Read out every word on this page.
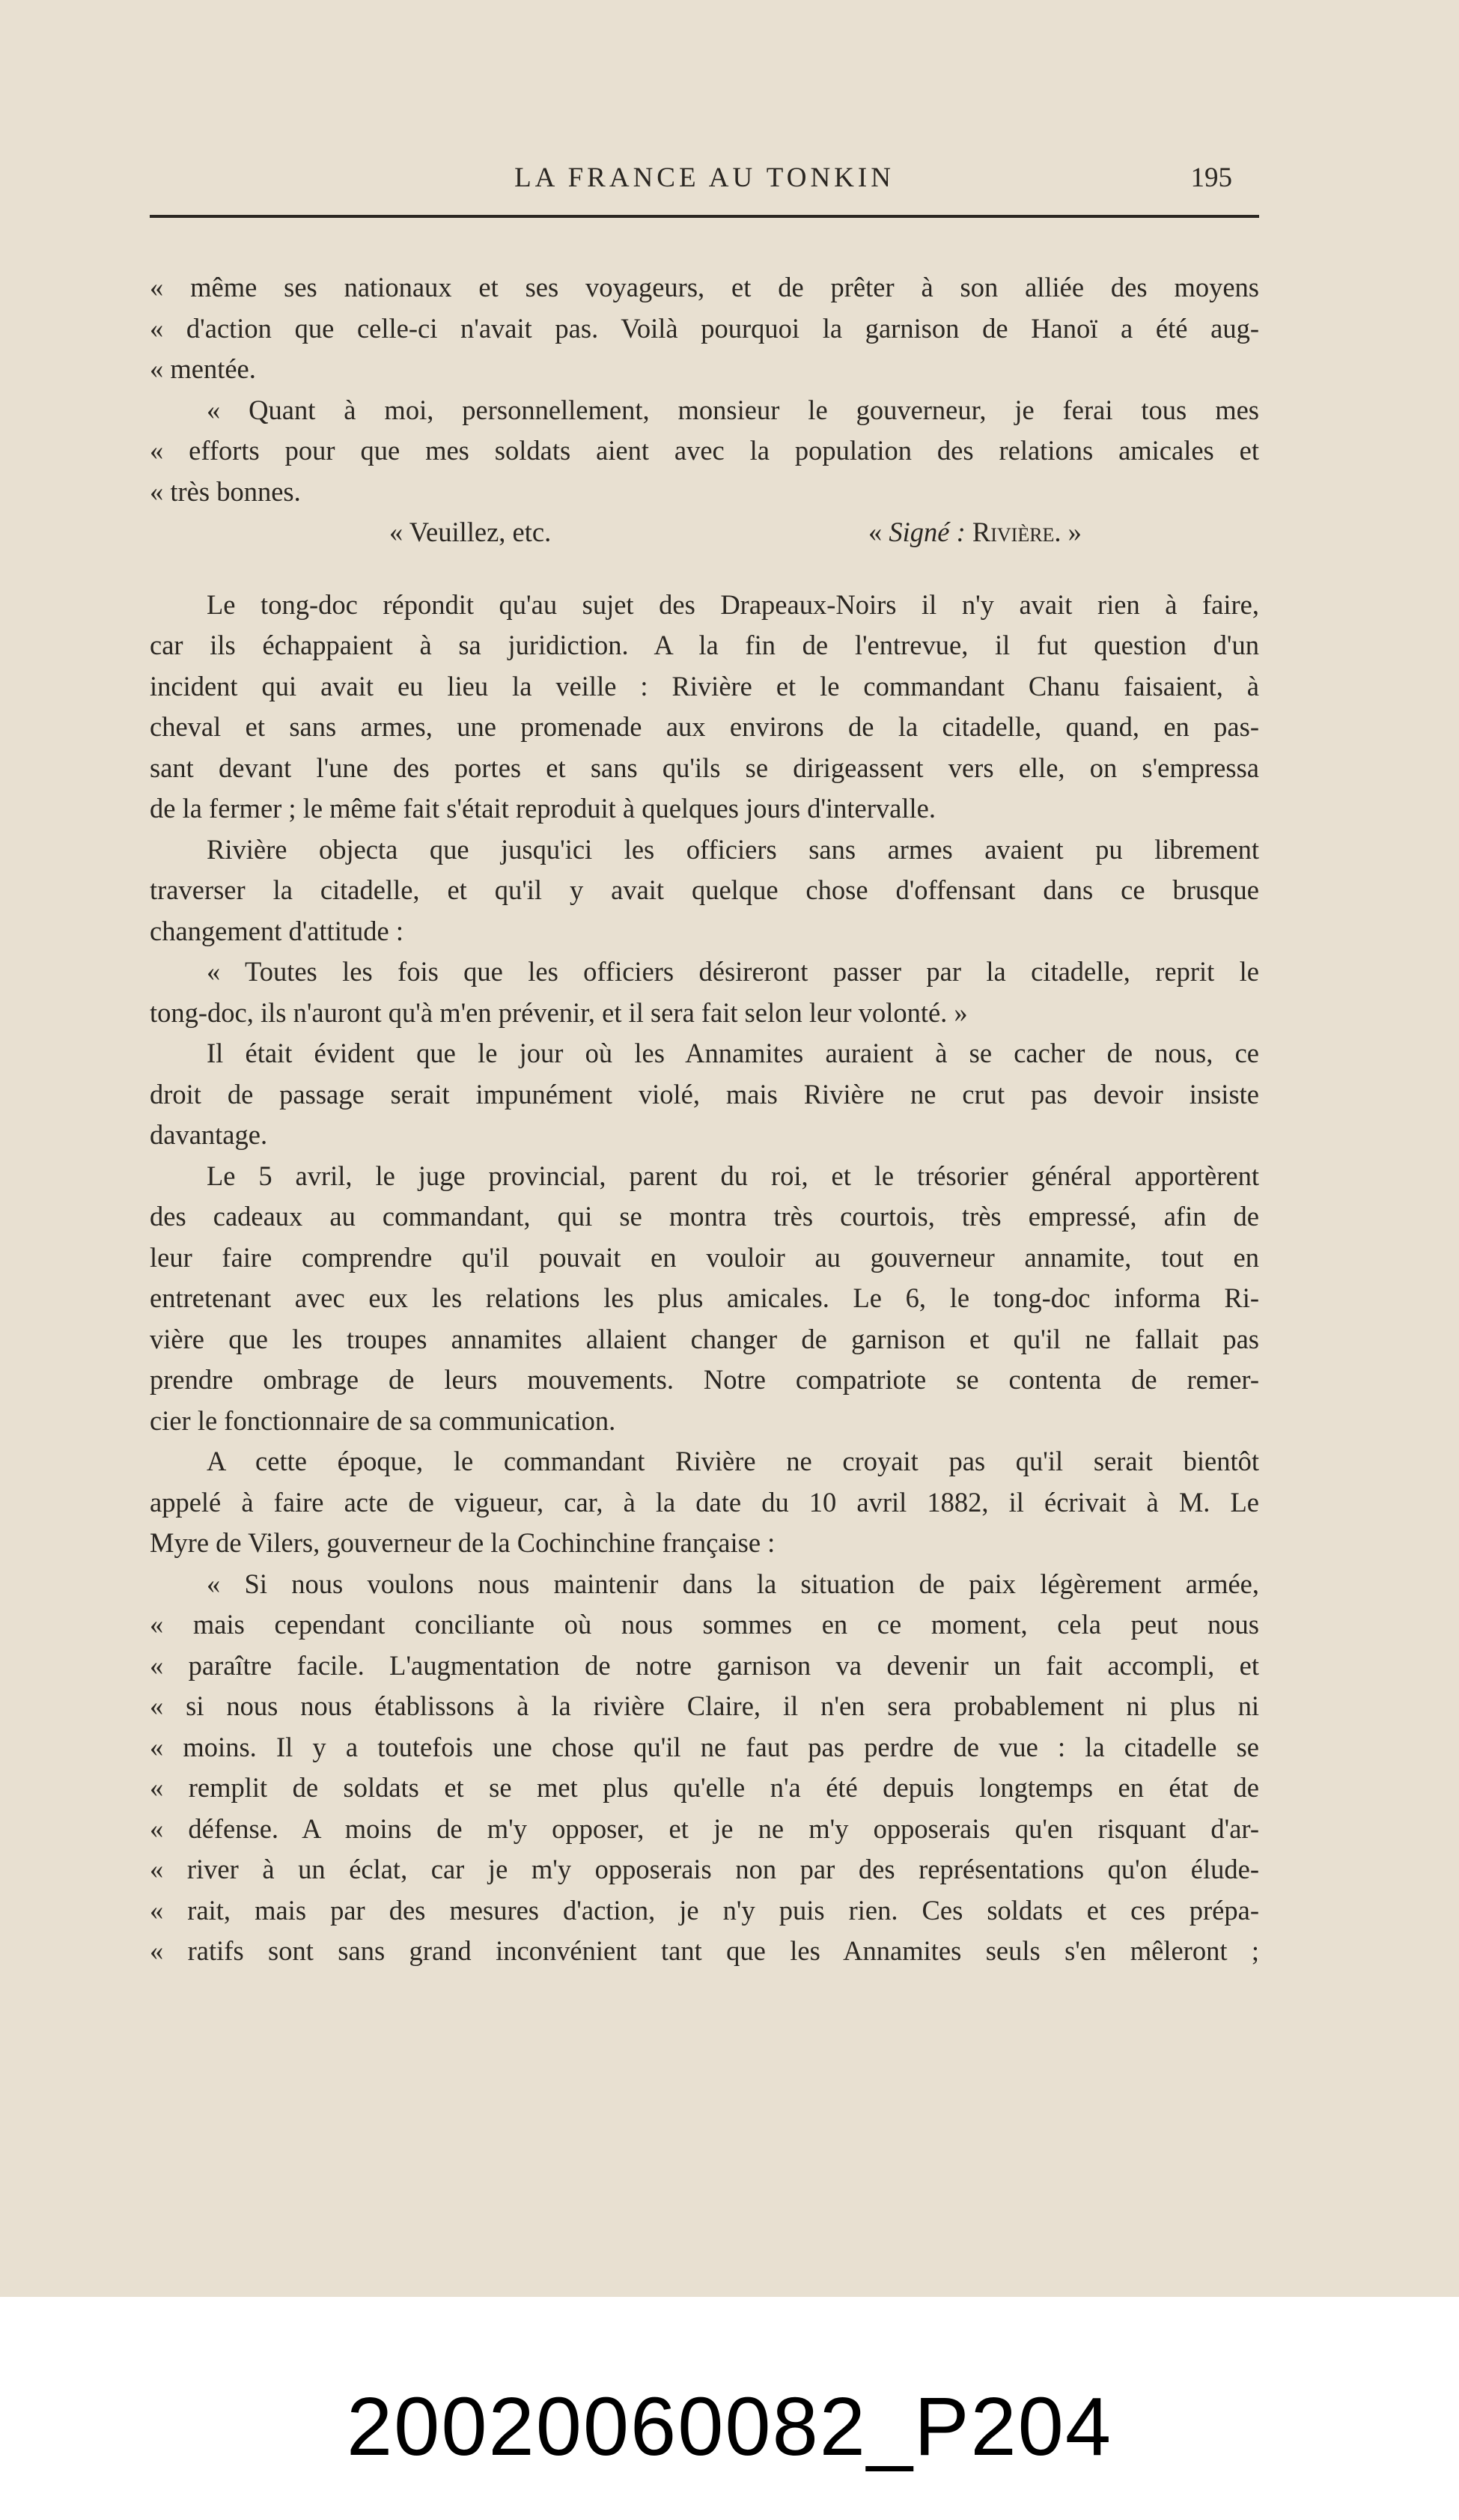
LA FRANCE AU TONKIN	195
« même ses nationaux et ses voyageurs, et de prêter à son alliée des moyens
« d'action que celle-ci n'avait pas. Voilà pourquoi la garnison de Hanoï a été aug-
« mentée.
« Quant à moi, personnellement, monsieur le gouverneur, je ferai tous mes
« efforts pour que mes soldats aient avec la population des relations amicales et
« très bonnes.
« Veuillez, etc.	« Signé : Rivière. »
Le tong-doc répondit qu'au sujet des Drapeaux-Noirs il n'y avait rien à faire,
car ils échappaient à sa juridiction. A la fin de l'entrevue, il fut question d'un
incident qui avait eu lieu la veille : Rivière et le commandant Chanu faisaient, à
cheval et sans armes, une promenade aux environs de la citadelle, quand, en pas-
sant devant l'une des portes et sans qu'ils se dirigeassent vers elle, on s'empressa
de la fermer ; le même fait s'était reproduit à quelques jours d'intervalle.
Rivière objecta que jusqu'ici les officiers sans armes avaient pu librement
traverser la citadelle, et qu'il y avait quelque chose d'offensant dans ce brusque
changement d'attitude :
« Toutes les fois que les officiers désireront passer par la citadelle, reprit le
tong-doc, ils n'auront qu'à m'en prévenir, et il sera fait selon leur volonté. »
Il était évident que le jour où les Annamites auraient à se cacher de nous, ce
droit de passage serait impunément violé, mais Rivière ne crut pas devoir insiste
davantage.
Le 5 avril, le juge provincial, parent du roi, et le trésorier général apportèrent
des cadeaux au commandant, qui se montra très courtois, très empressé, afin de
leur faire comprendre qu'il pouvait en vouloir au gouverneur annamite, tout en
entretenant avec eux les relations les plus amicales. Le 6, le tong-doc informa Ri-
vière que les troupes annamites allaient changer de garnison et qu'il ne fallait pas
prendre ombrage de leurs mouvements. Notre compatriote se contenta de remer-
cier le fonctionnaire de sa communication.
A cette époque, le commandant Rivière ne croyait pas qu'il serait bientôt
appelé à faire acte de vigueur, car, à la date du 10 avril 1882, il écrivait à M. Le
Myre de Vilers, gouverneur de la Cochinchine française :
« Si nous voulons nous maintenir dans la situation de paix légèrement armée,
« mais cependant conciliante où nous sommes en ce moment, cela peut nous
« paraître facile. L'augmentation de notre garnison va devenir un fait accompli, et
« si nous nous établissons à la rivière Claire, il n'en sera probablement ni plus ni
« moins. Il y a toutefois une chose qu'il ne faut pas perdre de vue : la citadelle se
« remplit de soldats et se met plus qu'elle n'a été depuis longtemps en état de
« défense. A moins de m'y opposer, et je ne m'y opposerais qu'en risquant d'ar-
« river à un éclat, car je m'y opposerais non par des représentations qu'on élude-
« rait, mais par des mesures d'action, je n'y puis rien. Ces soldats et ces prépa-
« ratifs sont sans grand inconvénient tant que les Annamites seuls s'en mêleront ;
20020060082_P204
